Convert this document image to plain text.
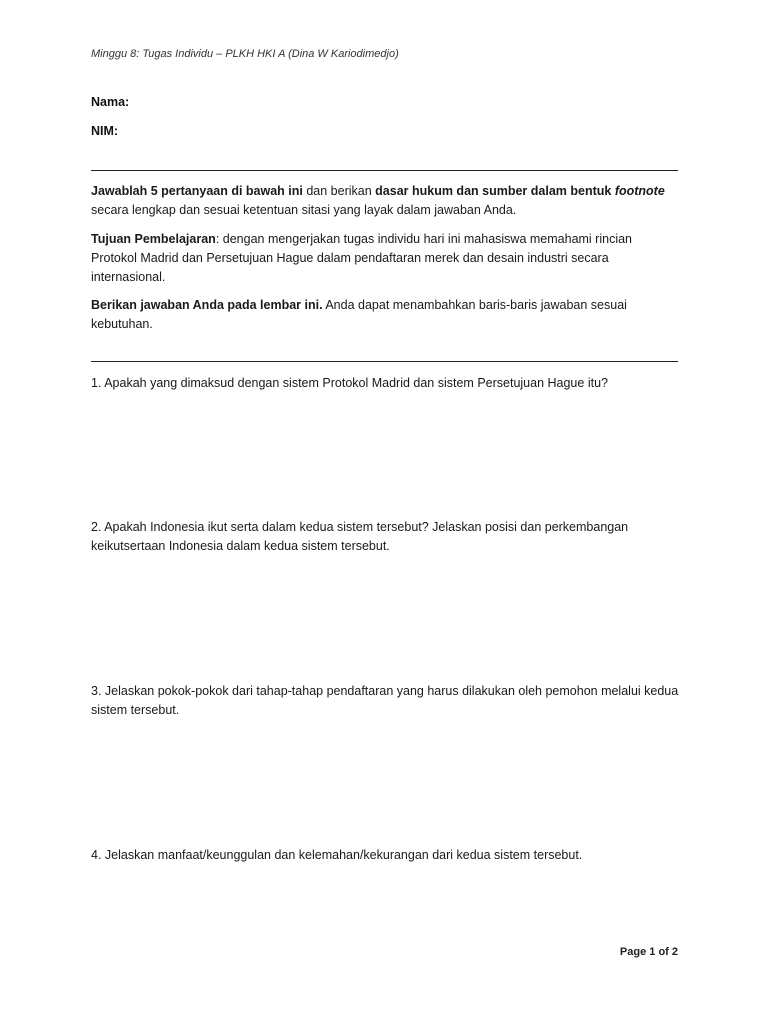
Minggu 8: Tugas Individu – PLKH HKI A (Dina W Kariodimedjo)
Nama:
NIM:
Jawablah 5 pertanyaan di bawah ini dan berikan dasar hukum dan sumber dalam bentuk footnote
secara lengkap dan sesuai ketentuan sitasi yang layak dalam jawaban Anda.
Tujuan Pembelajaran: dengan mengerjakan tugas individu hari ini mahasiswa memahami rincian Protokol Madrid dan Persetujuan Hague dalam pendaftaran merek dan desain industri secara internasional.
Berikan jawaban Anda pada lembar ini. Anda dapat menambahkan baris-baris jawaban sesuai kebutuhan.
1. Apakah yang dimaksud dengan sistem Protokol Madrid dan sistem Persetujuan Hague itu?
2. Apakah Indonesia ikut serta dalam kedua sistem tersebut? Jelaskan posisi dan perkembangan keikutsertaan Indonesia dalam kedua sistem tersebut.
3. Jelaskan pokok-pokok dari tahap-tahap pendaftaran yang harus dilakukan oleh pemohon melalui kedua sistem tersebut.
4. Jelaskan manfaat/keunggulan dan kelemahan/kekurangan dari kedua sistem tersebut.
Page 1 of 2
